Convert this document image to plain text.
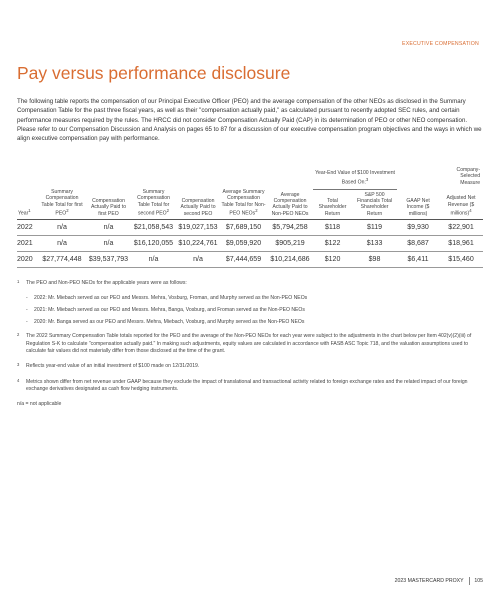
EXECUTIVE COMPENSATION
Pay versus performance disclosure

The following table reports the compensation of our Principal Executive Officer (PEO) and the average compensation of the other NEOs as disclosed in the Summary Compensation Table for the past three fiscal years, as well as their "compensation actually paid," as calculated pursuant to recently adopted SEC rules, and certain performance measures required by the rules. The HRCC did not consider Compensation Actually Paid (CAP) in its determination of PEO or other NEO compensation. Please refer to our Compensation Discussion and Analysis on pages 65 to 87 for a discussion of our executive compensation program objectives and the ways in which we align executive compensation pay with performance.

							Year-End Value of $100 Investment Based On:$^3$			Company-Selected Measure
Year$^1$	Summary Compensation Table Total for first PEO$^2$	Compensation Actually Paid to first PEO	Summary Compensation Table Total for second PEO$^2$	Compensation Actually Paid to second PEO	Average Summary Compensation Table Total for Non-PEO NEOs$^2$	Average Compensation Actually Paid to Non-PEO NEOs	Total Shareholder Return	S&P 500 Financials Total Shareholder Return	GAAP Net Income ($ millions)	Adjusted Net Revenue ($ millions)$^4$
2022	n/a	n/a	$21,058,543	$19,027,153	$7,689,150	$5,794,258	$118	$119	$9,930	$22,901
2021	n/a	n/a	$16,120,055	$10,224,761	$9,059,920	$905,219	$122	$133	$8,687	$18,961
2020	$27,774,448	$39,537,793	n/a	n/a	$7,444,659	$10,214,686	$120	$98	$6,411	$15,460
1 The PEO and Non-PEO NEOs for the applicable years were as follows:
- 2022: Mr. Miebach served as our PEO and Messrs. Mehra, Vosburg, Froman, and Murphy served as the Non-PEO NEOs
- 2021: Mr. Miebach served as our PEO and Messrs. Mehra, Banga, Vosburg, and Froman served as the Non-PEO NEOs
- 2020: Mr. Banga served as our PEO and Messrs. Mehra, Miebach, Vosburg, and Murphy served as the Non-PEO NEOs
2 The 2022 Summary Compensation Table totals reported for the PEO and the average of the Non-PEO NEOs for each year were subject to the adjustments in the chart below per Item 402(v)(2)(iii) of Regulation S-K to calculate "compensation actually paid." In making such adjustments, equity values are calculated in accordance with FASB ASC Topic 718, and the valuation assumptions used to calculate fair values did not materially differ from those disclosed at the time of the grant.
3 Reflects year-end value of an initial investment of $100 made on 12/31/2019.
4 Metrics shown differ from net revenue under GAAP because they exclude the impact of translational and transactional activity related to foreign exchange rates and the related impact of our foreign exchange derivatives designated as cash flow hedging instruments.

n/a = not applicable

2023 MASTERCARD PROXY 105
